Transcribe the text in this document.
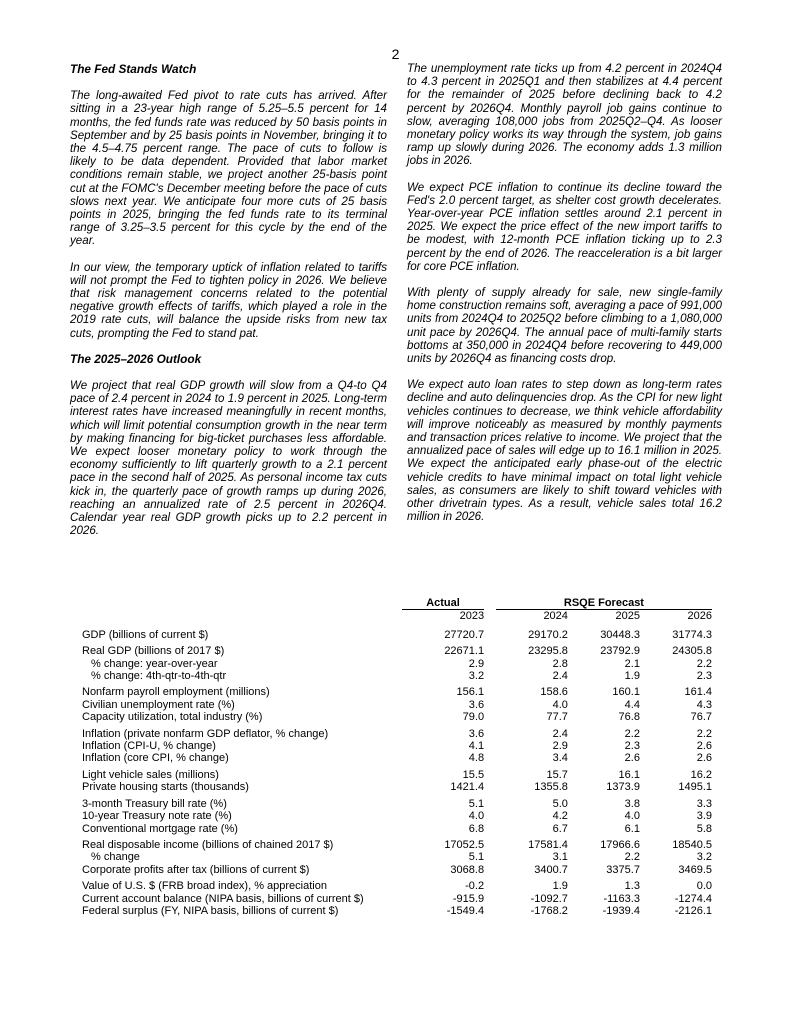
2
The Fed Stands Watch

The long-awaited Fed pivot to rate cuts has arrived. After sitting in a 23-year high range of 5.25–5.5 percent for 14 months, the fed funds rate was reduced by 50 basis points in September and by 25 basis points in November, bringing it to the 4.5–4.75 percent range. The pace of cuts to follow is likely to be data dependent. Provided that labor market conditions remain stable, we project another 25-basis point cut at the FOMC's December meeting before the pace of cuts slows next year. We anticipate four more cuts of 25 basis points in 2025, bringing the fed funds rate to its terminal range of 3.25–3.5 percent for this cycle by the end of the year.

In our view, the temporary uptick of inflation related to tariffs will not prompt the Fed to tighten policy in 2026. We believe that risk management concerns related to the potential negative growth effects of tariffs, which played a role in the 2019 rate cuts, will balance the upside risks from new tax cuts, prompting the Fed to stand pat.

The 2025–2026 Outlook

We project that real GDP growth will slow from a Q4-to Q4 pace of 2.4 percent in 2024 to 1.9 percent in 2025. Long-term interest rates have increased meaningfully in recent months, which will limit potential consumption growth in the near term by making financing for big-ticket purchases less affordable. We expect looser monetary policy to work through the economy sufficiently to lift quarterly growth to a 2.1 percent pace in the second half of 2025. As personal income tax cuts kick in, the quarterly pace of growth ramps up during 2026, reaching an annualized rate of 2.5 percent in 2026Q4. Calendar year real GDP growth picks up to 2.2 percent in 2026.

The unemployment rate ticks up from 4.2 percent in 2024Q4 to 4.3 percent in 2025Q1 and then stabilizes at 4.4 percent for the remainder of 2025 before declining back to 4.2 percent by 2026Q4. Monthly payroll job gains continue to slow, averaging 108,000 jobs from 2025Q2–Q4. As looser monetary policy works its way through the system, job gains ramp up slowly during 2026. The economy adds 1.3 million jobs in 2026.

We expect PCE inflation to continue its decline toward the Fed's 2.0 percent target, as shelter cost growth decelerates. Year-over-year PCE inflation settles around 2.1 percent in 2025. We expect the price effect of the new import tariffs to be modest, with 12-month PCE inflation ticking up to 2.3 percent by the end of 2026. The reacceleration is a bit larger for core PCE inflation.

With plenty of supply already for sale, new single-family home construction remains soft, averaging a pace of 991,000 units from 2024Q4 to 2025Q2 before climbing to a 1,080,000 unit pace by 2026Q4. The annual pace of multi-family starts bottoms at 350,000 in 2024Q4 before recovering to 449,000 units by 2026Q4 as financing costs drop.

We expect auto loan rates to step down as long-term rates decline and auto delinquencies drop. As the CPI for new light vehicles continues to decrease, we think vehicle affordability will improve noticeably as measured by monthly payments and transaction prices relative to income. We project that the annualized pace of sales will edge up to 16.1 million in 2025. We expect the anticipated early phase-out of the electric vehicle credits to have minimal impact on total light vehicle sales, as consumers are likely to shift toward vehicles with other drivetrain types. As a result, vehicle sales total 16.2 million in 2026.

	Actual		RSQE Forecast		
	2023		2024	2025	2026
GDP (billions of current $)	27720.7		29170.2	30448.3	31774.3

Real GDP (billions of 2017 $)	22671.1		23295.8	23792.9	24305.8
% change: year-over-year	2.9		2.8	2.1	2.2
% change: 4th-qtr-to-4th-qtr	3.2		2.4	1.9	2.3

Nonfarm payroll employment (millions)	156.1		158.6	160.1	161.4
Civilian unemployment rate (%)	3.6		4.0	4.4	4.3
Capacity utilization, total industry (%)	79.0		77.7	76.8	76.7

Inflation (private nonfarm GDP deflator, % change)	3.6		2.4	2.2	2.2
Inflation (CPI-U, % change)	4.1		2.9	2.3	2.6
Inflation (core CPI, % change)	4.8		3.4	2.6	2.6

Light vehicle sales (millions)	15.5		15.7	16.1	16.2
Private housing starts (thousands)	1421.4		1355.8	1373.9	1495.1

3-month Treasury bill rate (%)	5.1		5.0	3.8	3.3
10-year Treasury note rate (%)	4.0		4.2	4.0	3.9
Conventional mortgage rate (%)	6.8		6.7	6.1	5.8

Real disposable income (billions of chained 2017 $)	17052.5		17581.4	17966.6	18540.5
% change	5.1		3.1	2.2	3.2
Corporate profits after tax (billions of current $)	3068.8		3400.7	3375.7	3469.5

Value of U.S. $ (FRB broad index), % appreciation	-0.2		1.9	1.3	0.0
Current account balance (NIPA basis, billions of current $)	-915.9		-1092.7	-1163.3	-1274.4
Federal surplus (FY, NIPA basis, billions of current $)	-1549.4		-1768.2	-1939.4	-2126.1
